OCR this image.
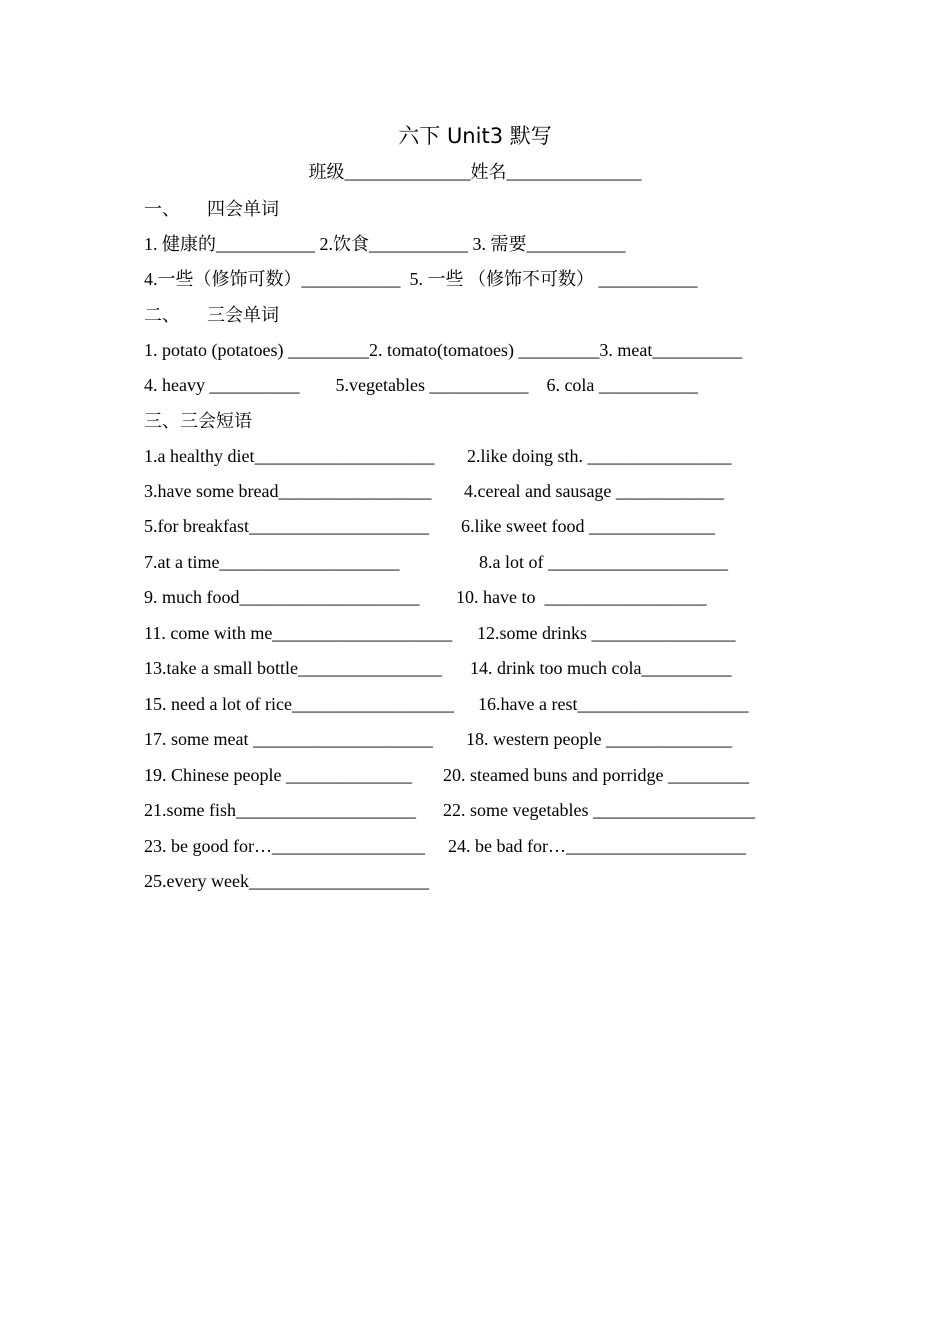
六下 Unit3 默写
班级______________姓名_______________
一、      四会单词
1. 健康的___________ 2.饮食___________ 3. 需要___________
4.一些（修饰可数）___________  5. 一些 （修饰不可数） ___________
二、      三会单词
1. potato (potatoes) _________2. tomato(tomatoes) _________3. meat__________
4. heavy __________        5.vegetables ___________    6. cola ___________
三、三会短语
1.a healthy diet____________________ 2.like doing sth. ________________
3.have some bread_________________ 4.cereal and sausage ____________
5.for breakfast____________________ 6.like sweet food ______________
7.at a time____________________	8.a lot of ____________________
9. much food____________________ 10. have to  __________________
11. come with me____________________ 12.some drinks ________________
13.take a small bottle________________ 14. drink too much cola__________
15. need a lot of rice__________________ 16.have a rest___________________
17. some meat ____________________ 18. western people ______________
19. Chinese people ______________ 20. steamed buns and porridge _________
21.some fish____________________ 22. some vegetables __________________
23. be good for…_________________ 24. be bad for…____________________
25.every week____________________
